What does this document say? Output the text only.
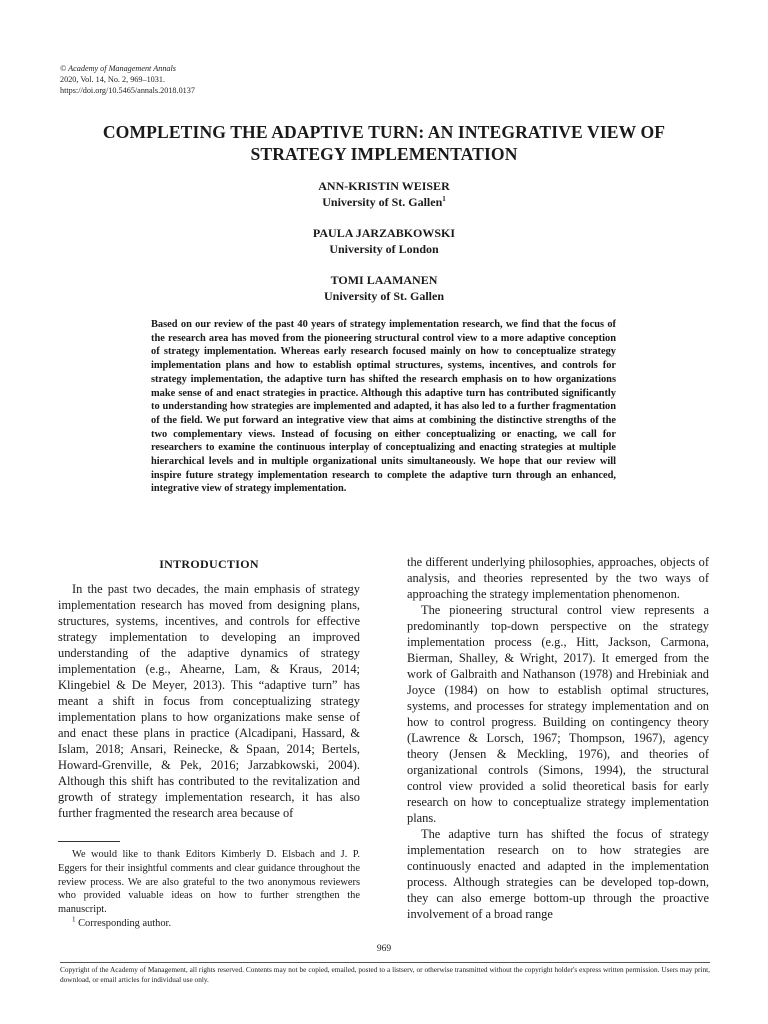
© Academy of Management Annals
2020, Vol. 14, No. 2, 969–1031.
https://doi.org/10.5465/annals.2018.0137
COMPLETING THE ADAPTIVE TURN: AN INTEGRATIVE VIEW OF STRATEGY IMPLEMENTATION
ANN-KRISTIN WEISER
University of St. Gallen$^1$
PAULA JARZABKOWSKI
University of London
TOMI LAAMANEN
University of St. Gallen

Based on our review of the past 40 years of strategy implementation research, we find that the focus of the research area has moved from the pioneering structural control view to a more adaptive conception of strategy implementation. Whereas early research focused mainly on how to conceptualize strategy implementation plans and how to establish optimal structures, systems, incentives, and controls for strategy implementation, the adaptive turn has shifted the research emphasis on to how organizations make sense of and enact strategies in practice. Although this adaptive turn has contributed significantly to understanding how strategies are implemented and adapted, it has also led to a further fragmentation of the field. We put forward an integrative view that aims at combining the distinctive strengths of the two complementary views. Instead of focusing on either conceptualizing or enacting, we call for researchers to examine the continuous interplay of conceptualizing and enacting strategies at multiple hierarchical levels and in multiple organizational units simultaneously. We hope that our review will inspire future strategy implementation research to complete the adaptive turn through an enhanced, integrative view of strategy implementation.

INTRODUCTION

In the past two decades, the main emphasis of strategy implementation research has moved from designing plans, structures, systems, incentives, and controls for effective strategy implementation to developing an improved understanding of the adaptive dynamics of strategy implementation (e.g., Ahearne, Lam, & Kraus, 2014; Klingebiel & De Meyer, 2013). This “adaptive turn” has meant a shift in focus from conceptualizing strategy implementation plans to how organizations make sense of and enact these plans in practice (Alcadipani, Hassard, & Islam, 2018; Ansari, Reinecke, & Spaan, 2014; Bertels, Howard-Grenville, & Pek, 2016; Jarzabkowski, 2004). Although this shift has contributed to the revitalization and growth of strategy implementation research, it has also further fragmented the research area because of

We would like to thank Editors Kimberly D. Elsbach and J. P. Eggers for their insightful comments and clear guidance throughout the review process. We are also grateful to the two anonymous reviewers who provided valuable ideas on how to further strengthen the manuscript.

$^1$ Corresponding author.

the different underlying philosophies, approaches, objects of analysis, and theories represented by the two ways of approaching the strategy implementation phenomenon.

The pioneering structural control view represents a predominantly top-down perspective on the strategy implementation process (e.g., Hitt, Jackson, Carmona, Bierman, Shalley, & Wright, 2017). It emerged from the work of Galbraith and Nathanson (1978) and Hrebiniak and Joyce (1984) on how to establish optimal structures, systems, and processes for strategy implementation and on how to control progress. Building on contingency theory (Lawrence & Lorsch, 1967; Thompson, 1967), agency theory (Jensen & Meckling, 1976), and theories of organizational controls (Simons, 1994), the structural control view provided a solid theoretical basis for early research on how to conceptualize strategy implementation plans.

The adaptive turn has shifted the focus of strategy implementation research on to how strategies are continuously enacted and adapted in the implementation process. Although strategies can be developed top-down, they can also emerge bottom-up through the proactive involvement of a broad range

969
Copyright of the Academy of Management, all rights reserved. Contents may not be copied, emailed, posted to a listserv, or otherwise transmitted without the copyright holder's express written permission. Users may print, download, or email articles for individual use only.
